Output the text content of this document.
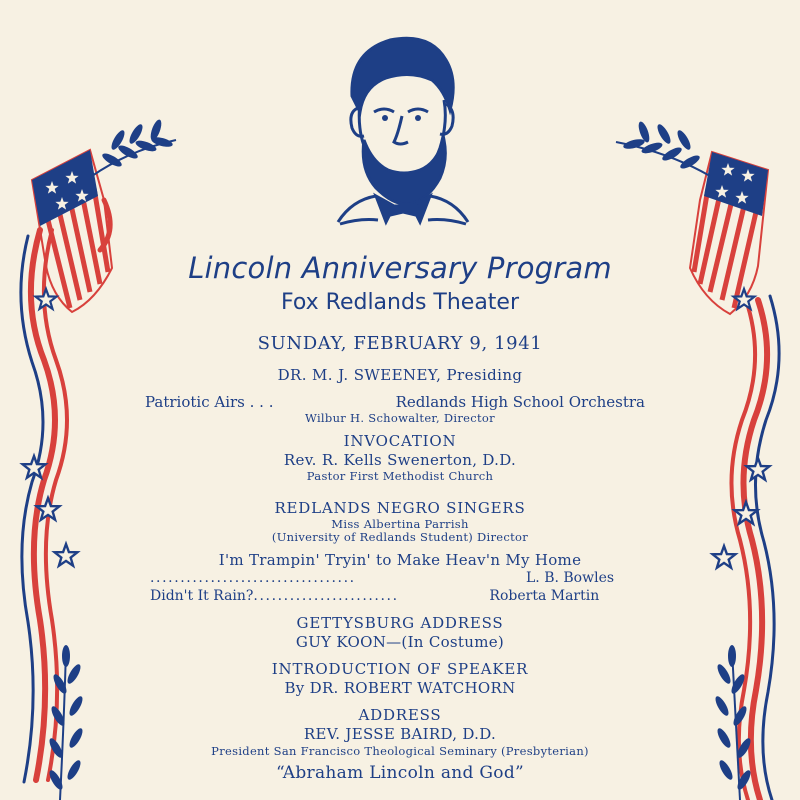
Lincoln Anniversary Program
Fox Redlands Theater
SUNDAY, FEBRUARY 9, 1941
DR. M. J. SWEENEY, Presiding
Patriotic Airs . . .	Redlands High School Orchestra
Wilbur H. Schowalter, Director
INVOCATION
Rev. R. Kells Swenerton, D.D.
Pastor First Methodist Church
REDLANDS NEGRO SINGERS
Miss Albertina Parrish
(University of Redlands Student) Director
I'm Trampin' Tryin' to Make Heav'n My Home
..................................	L. B. Bowles
Didn't It Rain?........................	Roberta Martin
GETTYSBURG ADDRESS
GUY KOON—(In Costume)
INTRODUCTION OF SPEAKER
By DR. ROBERT WATCHORN
ADDRESS
REV. JESSE BAIRD, D.D.
President San Francisco Theological Seminary (Presbyterian)
“Abraham Lincoln and God”
